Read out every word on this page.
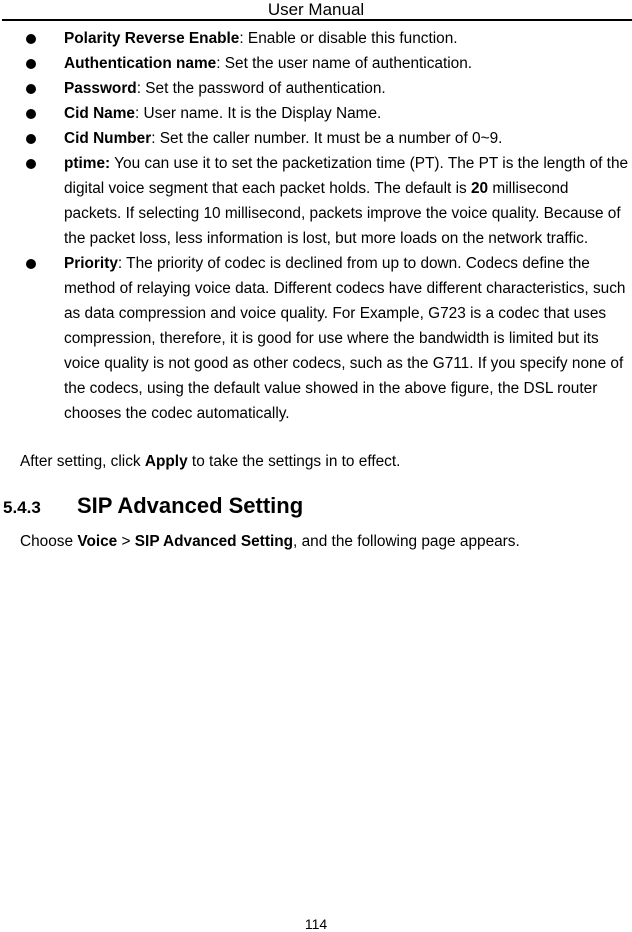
User Manual
Polarity Reverse Enable: Enable or disable this function.
Authentication name: Set the user name of authentication.
Password: Set the password of authentication.
Cid Name: User name. It is the Display Name.
Cid Number: Set the caller number. It must be a number of 0~9.
ptime: You can use it to set the packetization time (PT). The PT is the length of the digital voice segment that each packet holds. The default is 20 millisecond packets. If selecting 10 millisecond, packets improve the voice quality. Because of the packet loss, less information is lost, but more loads on the network traffic.
Priority: The priority of codec is declined from up to down. Codecs define the method of relaying voice data. Different codecs have different characteristics, such as data compression and voice quality. For Example, G723 is a codec that uses compression, therefore, it is good for use where the bandwidth is limited but its voice quality is not good as other codecs, such as the G711. If you specify none of the codecs, using the default value showed in the above figure, the DSL router chooses the codec automatically.
After setting, click Apply to take the settings in to effect.
5.4.3 SIP Advanced Setting
Choose Voice > SIP Advanced Setting, and the following page appears.
114
